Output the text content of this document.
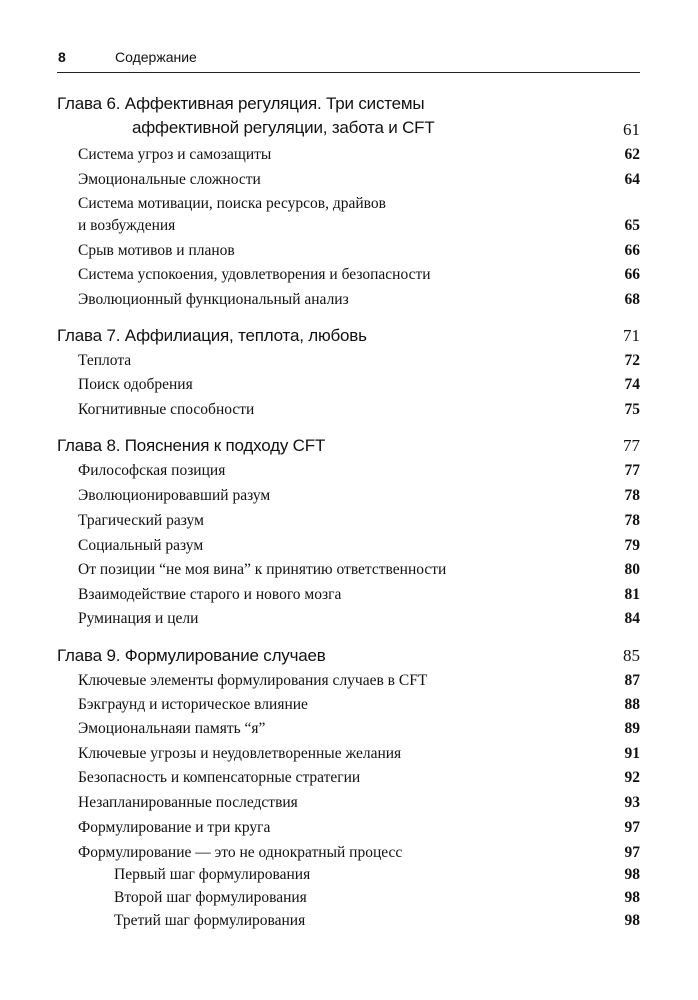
8	Содержание
Глава 6. Аффективная регуляция. Три системы
аффективной регуляции, забота и CFT	61
Система угроз и самозащиты	62
Эмоциональные сложности	64
Система мотивации, поиска ресурсов, драйвов
и возбуждения	65
Срыв мотивов и планов	66
Система успокоения, удовлетворения и безопасности	66
Эволюционный функциональный анализ	68
Глава 7. Аффилиация, теплота, любовь	71
Теплота	72
Поиск одобрения	74
Когнитивные способности	75
Глава 8. Пояснения к подходу CFT	77
Философская позиция	77
Эволюционировавший разум	78
Трагический разум	78
Социальный разум	79
От позиции “не моя вина” к принятию ответственности	80
Взаимодействие старого и нового мозга	81
Руминация и цели	84
Глава 9. Формулирование случаев	85
Ключевые элементы формулирования случаев в CFT	87
Бэкграунд и историческое влияние	88
Эмоциональнаяи память “я”	89
Ключевые угрозы и неудовлетворенные желания	91
Безопасность и компенсаторные стратегии	92
Незапланированные последствия	93
Формулирование и три круга	97
Формулирование — это не однократный процесс	97
Первый шаг формулирования	98
Второй шаг формулирования	98
Третий шаг формулирования	98
